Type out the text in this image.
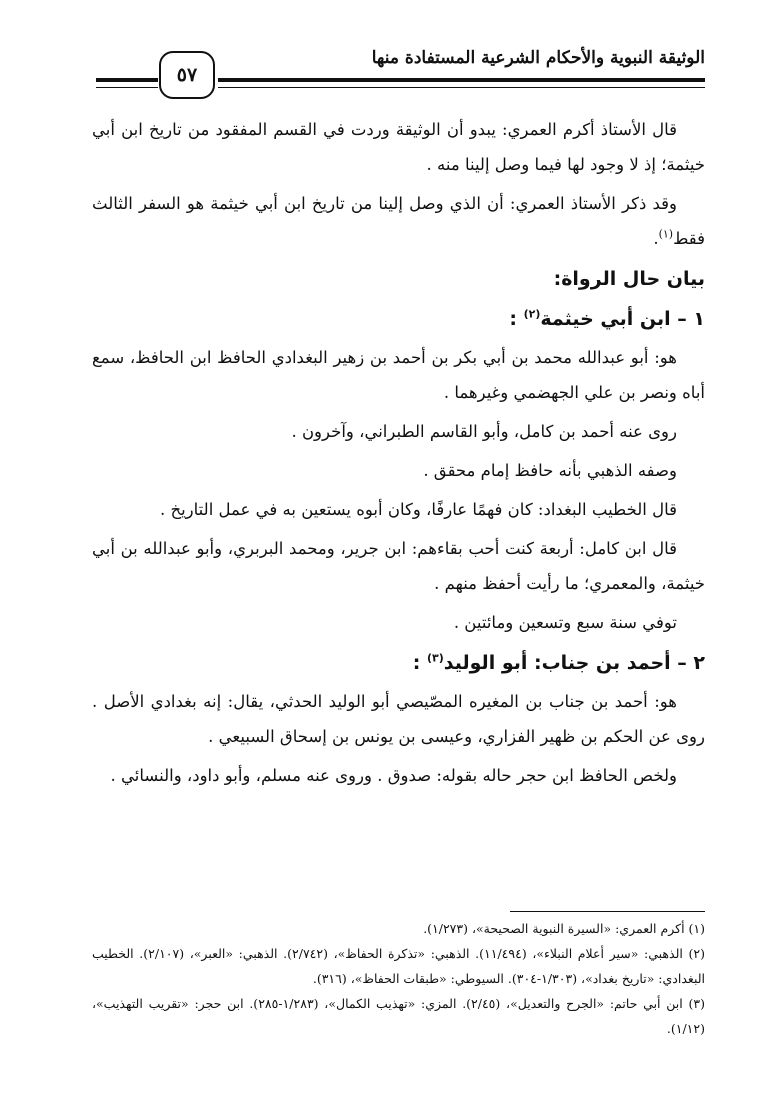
الوثيقة النبوية والأحكام الشرعية المستفادة منها
٥٧

قال الأستاذ أكرم العمري: يبدو أن الوثيقة وردت في القسم المفقود من تاريخ ابن أبي خيثمة؛ إذ لا وجود لها فيما وصل إلينا منه .

وقد ذكر الأستاذ العمري: أن الذي وصل إلينا من تاريخ ابن أبي خيثمة هو السفر الثالث فقط$^{(١)}$.

بيان حال الرواة:
١ – ابن أبي خيثمة$^{(٢)}$ :

هو: أبو عبدالله محمد بن أبي بكر بن أحمد بن زهير البغدادي الحافظ ابن الحافظ، سمع أباه ونصر بن علي الجهضمي وغيرهما .

روى عنه أحمد بن كامل، وأبو القاسم الطبراني، وآخرون .

وصفه الذهبي بأنه حافظ إمام محقق .

قال الخطيب البغداد: كان فهمًا عارفًا، وكان أبوه يستعين به في عمل التاريخ .

قال ابن كامل: أربعة كنت أحب بقاءهم: ابن جرير، ومحمد البربري، وأبو عبدالله بن أبي خيثمة، والمعمري؛ ما رأيت أحفظ منهم .

توفي سنة سبع وتسعين ومائتين .

٢ – أحمد بن جناب: أبو الوليد$^{(٣)}$ :

هو: أحمد بن جناب بن المغيره المصّيصي أبو الوليد الحدثي، يقال: إنه بغدادي الأصل . روى عن الحكم بن ظهير الفزاري، وعيسى بن يونس بن إسحاق السبيعي .

ولخص الحافظ ابن حجر حاله بقوله: صدوق . وروى عنه مسلم، وأبو داود، والنسائي .

(١) أكرم العمري: «السيرة النبوية الصحيحة»، (١/٢٧٣).

(٢) الذهبي: «سير أعلام النبلاء»، (١١/٤٩٤). الذهبي: «تذكرة الحفاظ»، (٢/٧٤٢). الذهبي: «العبر»، (٢/١٠٧). الخطيب البغدادي: «تاريخ بغداد»، (١/٣٠٣-٣٠٤). السيوطي: «طبقات الحفاظ»، (٣١٦).

(٣) ابن أبي حاتم: «الجرح والتعديل»، (٢/٤٥). المزي: «تهذيب الكمال»، (١/٢٨٣-٢٨٥). ابن حجر: «تقريب التهذيب»، (١/١٢).
